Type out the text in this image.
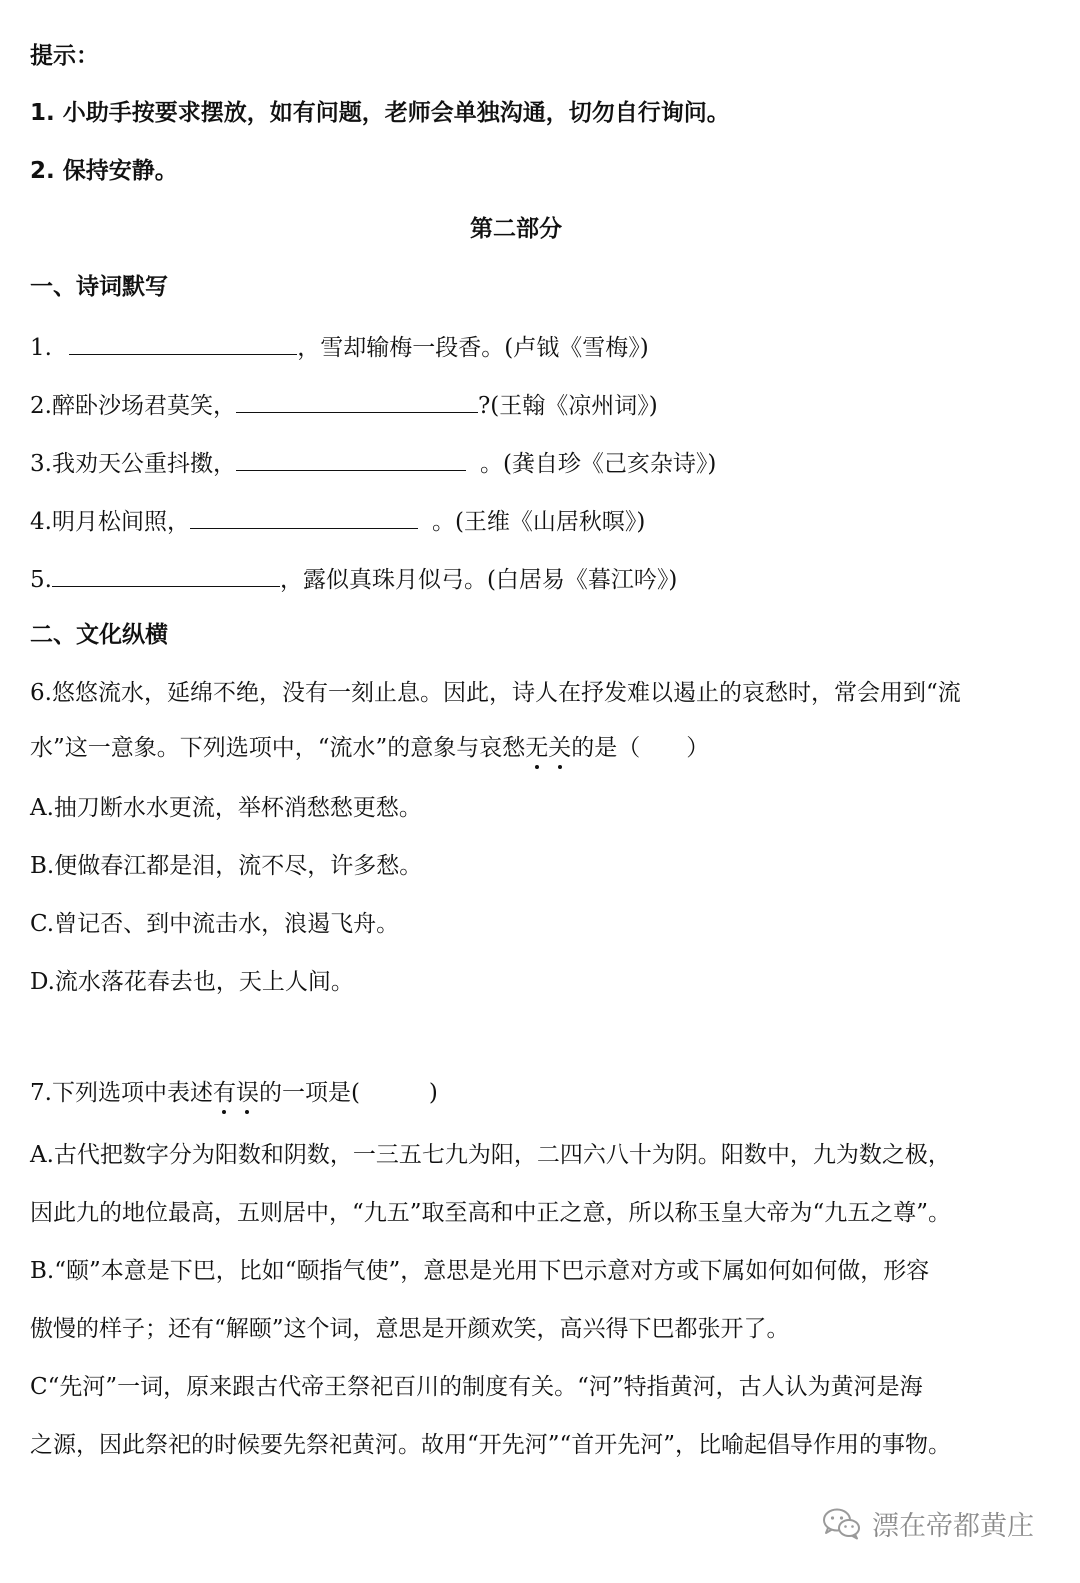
提示：
1. 小助手按要求摆放，如有问题，老师会单独沟通，切勿自行询问。
2. 保持安静。
第二部分
一、诗词默写
1.	，雪却输梅一段香。(卢钺《雪梅》)
2.醉卧沙场君莫笑，	?(王翰《凉州词》)
3.我劝天公重抖擞，	。(龚自珍《己亥杂诗》)
4.明月松间照，	。(王维《山居秋暝》)
5.	，露似真珠月似弓。(白居易《暮江吟》)
二、文化纵横
6.悠悠流水，延绵不绝，没有一刻止息。因此，诗人在抒发难以遏止的哀愁时，常会用到“流
水”这一意象。下列选项中，“流水”的意象与哀愁无关的是（　　）
A.抽刀断水水更流，举杯消愁愁更愁。
B.便做春江都是泪，流不尽，许多愁。
C.曾记否、到中流击水，浪遏飞舟。
D.流水落花春去也，天上人间。
7.下列选项中表述有误的一项是(　　　)
A.古代把数字分为阳数和阴数，一三五七九为阳，二四六八十为阴。阳数中，九为数之极，
因此九的地位最高，五则居中，“九五”取至高和中正之意，所以称玉皇大帝为“九五之尊”。
B.“颐”本意是下巴，比如“颐指气使”，意思是光用下巴示意对方或下属如何如何做，形容
傲慢的样子；还有“解颐”这个词，意思是开颜欢笑，高兴得下巴都张开了。
C“先河”一词，原来跟古代帝王祭祀百川的制度有关。“河”特指黄河，古人认为黄河是海
之源，因此祭祀的时候要先祭祀黄河。故用“开先河”“首开先河”，比喻起倡导作用的事物。
漂在帝都黄庄
